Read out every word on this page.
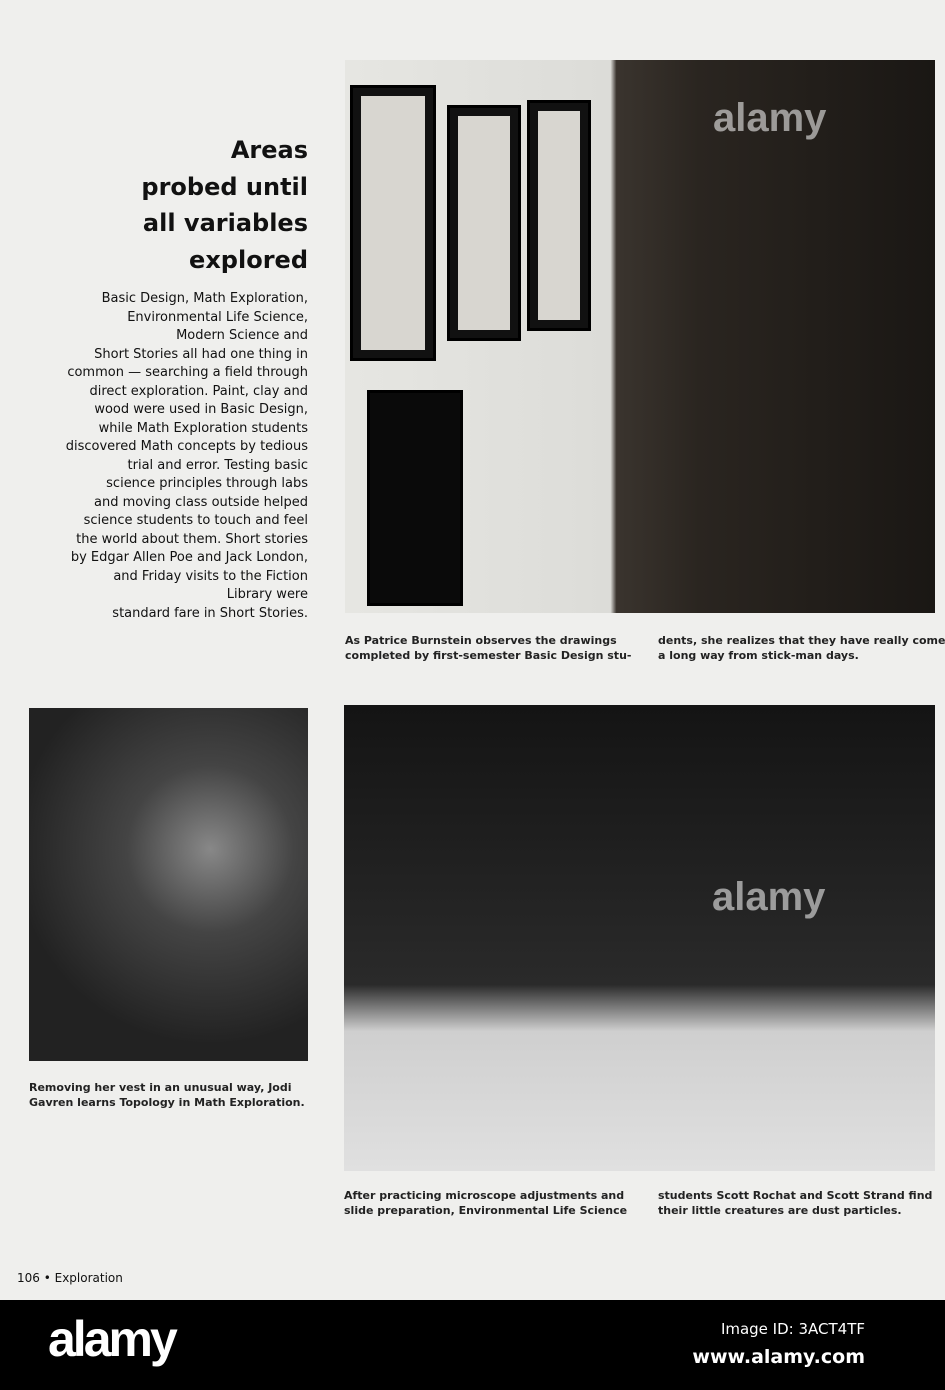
Areas
probed until
all variables
explored
Basic Design, Math Exploration,
Environmental Life Science,
Modern Science and
Short Stories all had one thing in
common — searching a field through
direct exploration. Paint, clay and
wood were used in Basic Design,
while Math Exploration students
discovered Math concepts by tedious
trial and error. Testing basic
science principles through labs
and moving class outside helped
science students to touch and feel
the world about them. Short stories
by Edgar Allen Poe and Jack London,
and Friday visits to the Fiction
Library were
standard fare in Short Stories.
alamy
As Patrice Burnstein observes the drawings
completed by first-semester Basic Design stu-
dents, she realizes that they have really come
a long way from stick-man days.
Removing her vest in an unusual way, Jodi
Gavren learns Topology in Math Exploration.
alamy
After practicing microscope adjustments and
slide preparation, Environmental Life Science
students Scott Rochat and Scott Strand find
their little creatures are dust particles.
106 • Exploration
alamy	Image ID: 3ACT4TF
www.alamy.com
